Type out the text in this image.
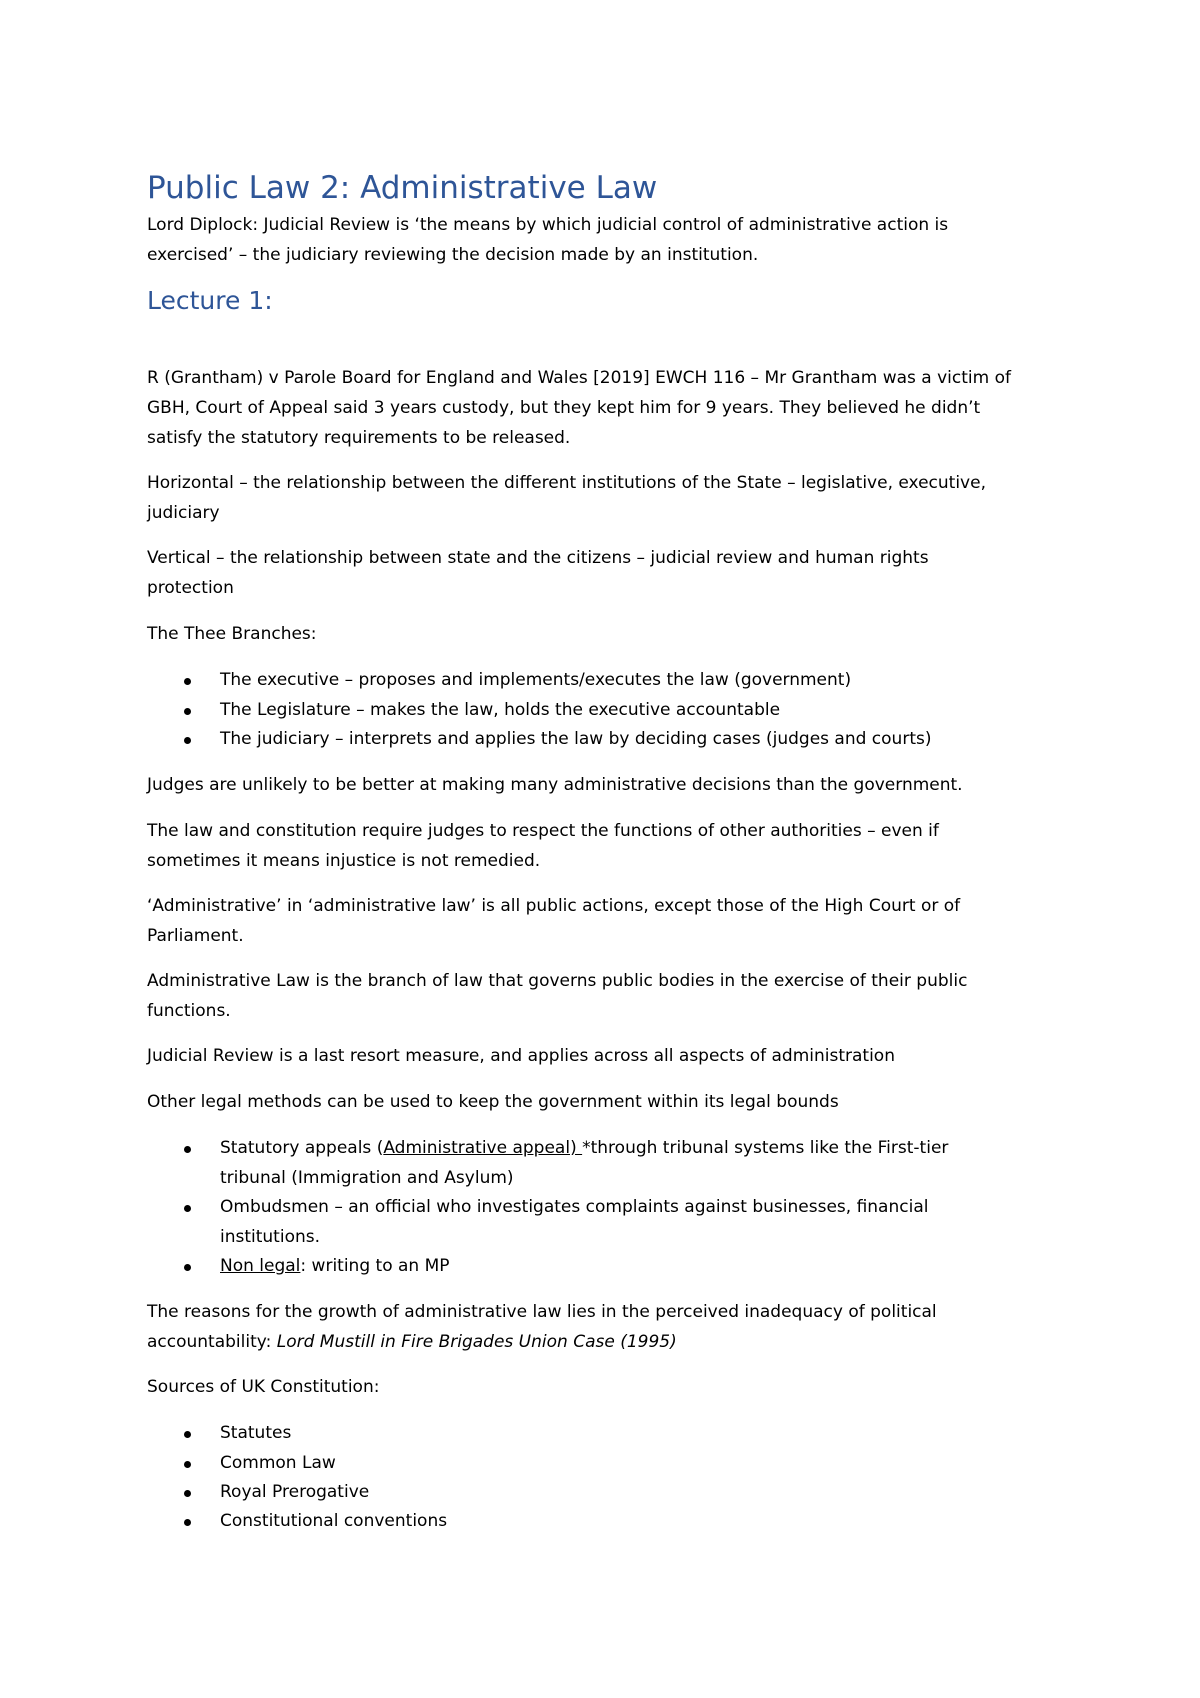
Public Law 2: Administrative Law

Lord Diplock: Judicial Review is ‘the means by which judicial control of administrative action is

exercised’ – the judiciary reviewing the decision made by an institution.

Lecture 1:

R (Grantham) v Parole Board for England and Wales [2019] EWCH 116 – Mr Grantham was a victim of

GBH, Court of Appeal said 3 years custody, but they kept him for 9 years. They believed he didn’t

satisfy the statutory requirements to be released.

Horizontal – the relationship between the different institutions of the State – legislative, executive,

judiciary

Vertical – the relationship between state and the citizens – judicial review and human rights

protection

The Thee Branches:

The executive – proposes and implements/executes the law (government)
The Legislature – makes the law, holds the executive accountable
The judiciary – interprets and applies the law by deciding cases (judges and courts)

Judges are unlikely to be better at making many administrative decisions than the government.

The law and constitution require judges to respect the functions of other authorities – even if

sometimes it means injustice is not remedied.

‘Administrative’ in ‘administrative law’ is all public actions, except those of the High Court or of

Parliament.

Administrative Law is the branch of law that governs public bodies in the exercise of their public

functions.

Judicial Review is a last resort measure, and applies across all aspects of administration

Other legal methods can be used to keep the government within its legal bounds

Statutory appeals (Administrative appeal) *through tribunal systems like the First-tier
tribunal (Immigration and Asylum)
Ombudsmen – an official who investigates complaints against businesses, financial
institutions.
Non legal: writing to an MP

The reasons for the growth of administrative law lies in the perceived inadequacy of political

accountability: Lord Mustill in Fire Brigades Union Case (1995)

Sources of UK Constitution:

Statutes
Common Law
Royal Prerogative
Constitutional conventions
